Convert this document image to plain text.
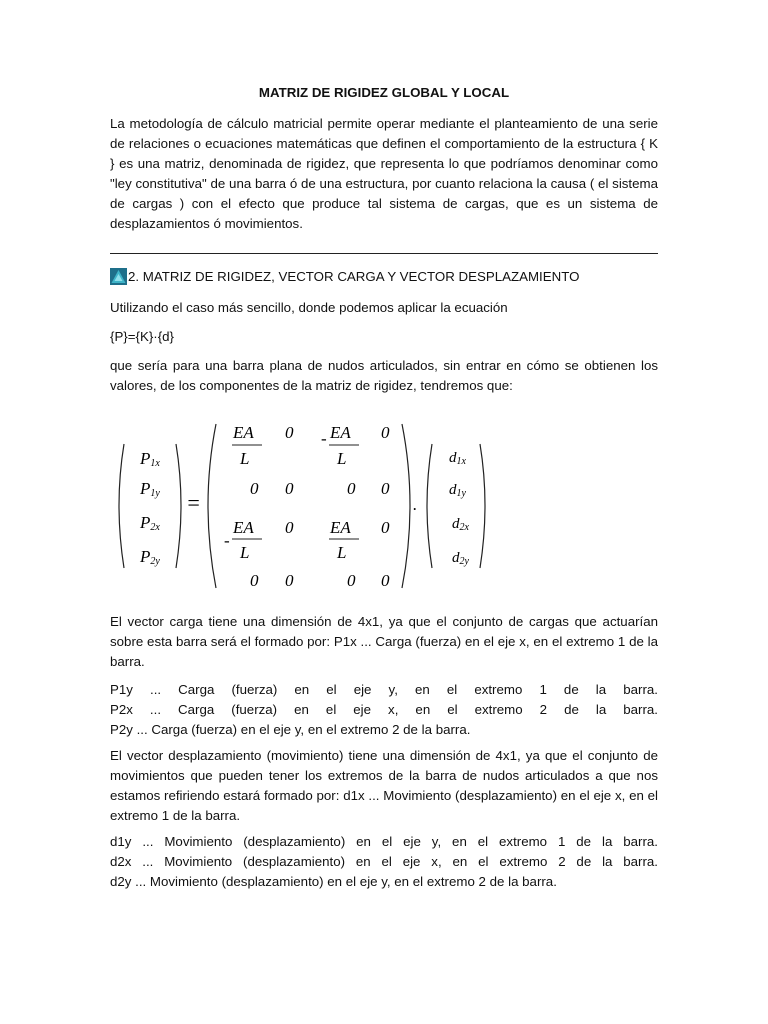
MATRIZ DE RIGIDEZ GLOBAL Y LOCAL
La metodología de cálculo matricial permite operar mediante el planteamiento de una serie de relaciones o ecuaciones matemáticas que definen el comportamiento de la estructura { K } es una matriz, denominada de rigidez, que representa lo que podríamos denominar como "ley constitutiva" de una barra ó de una estructura, por cuanto relaciona la causa ( el sistema de cargas ) con el efecto que produce tal sistema de cargas, que es un sistema de desplazamientos ó movimientos.
2. MATRIZ DE RIGIDEZ, VECTOR CARGA Y VECTOR DESPLAZAMIENTO
Utilizando el caso más sencillo, donde podemos aplicar la ecuación
{P}={K}·{d}
que sería para una barra plana de nudos articulados, sin entrar en cómo se obtienen los valores, de los componentes de la matriz de rigidez, tendremos que:
P1x
P1y
P2x
P2y
=
EA
L
0 - EA
L
0
0 0	0 0
-
EA
L
0 EA
L
0
0 0	0 0
.
d1x
d1y
d2x
d2y
El vector carga tiene una dimensión de 4x1, ya que el conjunto de cargas que actuarían sobre esta barra será el formado por: P1x ... Carga (fuerza) en el eje x, en el extremo 1 de la barra.
P1y ... Carga (fuerza) en el eje y, en el extremo 1 de la barra.
P2x ... Carga (fuerza) en el eje x, en el extremo 2 de la barra.
P2y ... Carga (fuerza) en el eje y, en el extremo 2 de la barra.
El vector desplazamiento (movimiento) tiene una dimensión de 4x1, ya que el conjunto de movimientos que pueden tener los extremos de la barra de nudos articulados a que nos estamos refiriendo estará formado por: d1x ... Movimiento (desplazamiento) en el eje x, en el extremo 1 de la barra.
d1y ... Movimiento (desplazamiento) en el eje y, en el extremo 1 de la barra.
d2x ... Movimiento (desplazamiento) en el eje x, en el extremo 2 de la barra.
d2y ... Movimiento (desplazamiento) en el eje y, en el extremo 2 de la barra.
